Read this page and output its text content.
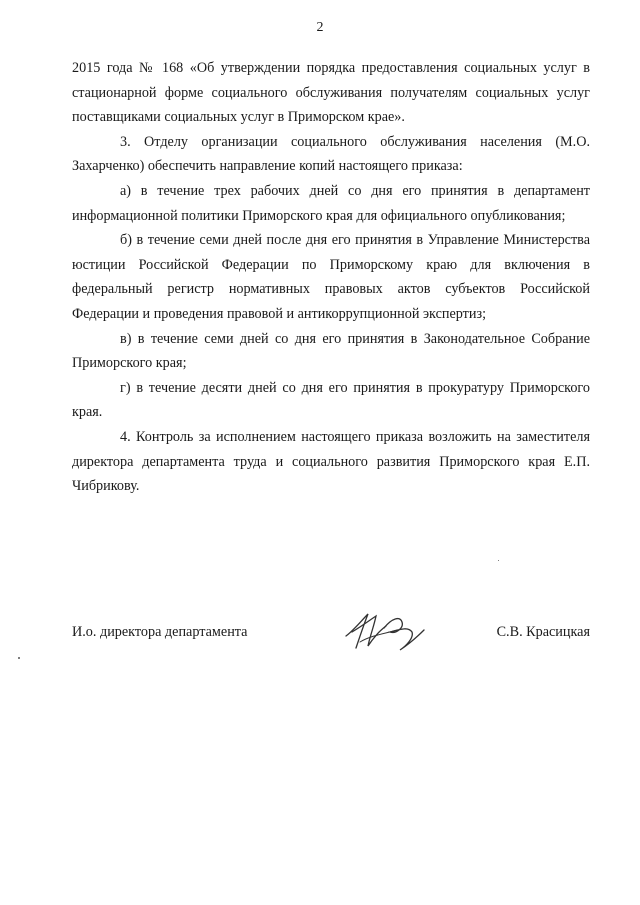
2

2015 года № 168 «Об утверждении порядка предоставления социальных услуг в стационарной форме социального обслуживания получателям социальных услуг поставщиками социальных услуг в Приморском крае».

3. Отделу организации социального обслуживания населения (М.О. Захарченко) обеспечить направление копий настоящего приказа:

а) в течение трех рабочих дней со дня его принятия в департамент информационной политики Приморского края для официального опубликования;

б) в течение семи дней после дня его принятия в Управление Министерства юстиции Российской Федерации по Приморскому краю для включения в федеральный регистр нормативных правовых актов субъектов Российской Федерации и проведения правовой и антикоррупционной экспертиз;

в) в течение семи дней со дня его принятия в Законодательное Собрание Приморского края;

г) в течение десяти дней со дня его принятия в прокуратуру Приморского края.

4. Контроль за исполнением настоящего приказа возложить на заместителя директора департамента труда и социального развития Приморского края Е.П. Чибрикову.

И.о. директора департамента	С.В. Красицкая
